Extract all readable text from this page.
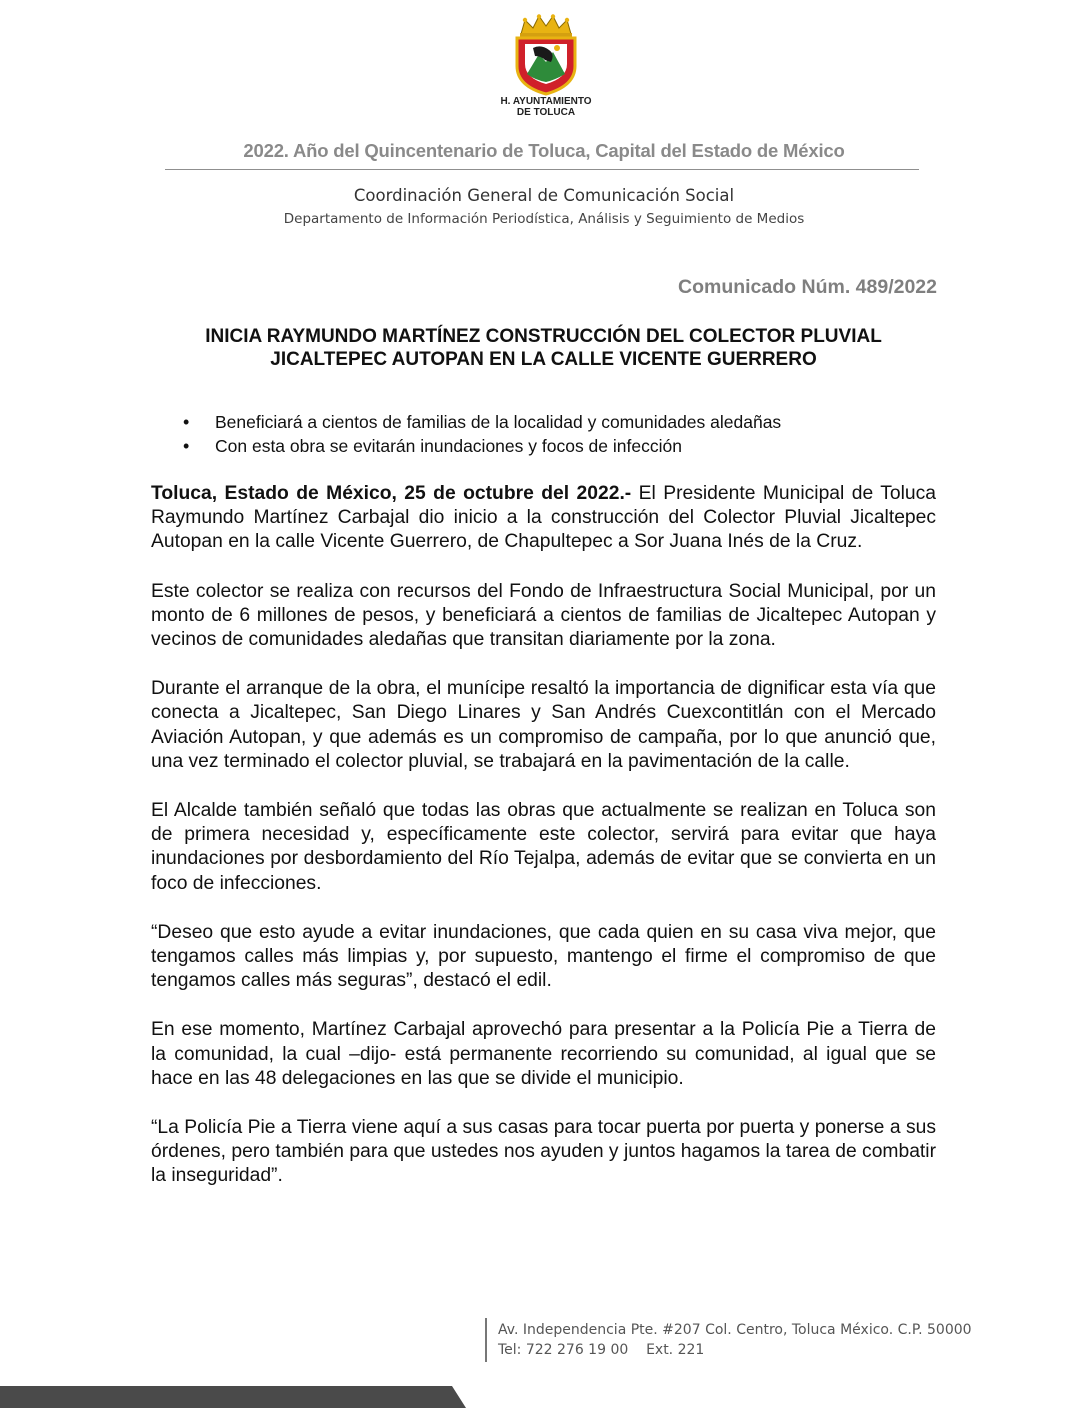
H. AYUNTAMIENTO
DE TOLUCA
2022. Año del Quincentenario de Toluca, Capital del Estado de México
Coordinación General de Comunicación Social
Departamento de Información Periodística, Análisis y Seguimiento de Medios
Comunicado Núm. 489/2022
INICIA RAYMUNDO MARTÍNEZ CONSTRUCCIÓN DEL COLECTOR PLUVIAL
JICALTEPEC AUTOPAN EN LA CALLE VICENTE GUERRERO
• Beneficiará a cientos de familias de la localidad y comunidades aledañas
• Con esta obra se evitarán inundaciones y focos de infección

Toluca, Estado de México, 25 de octubre del 2022.- El Presidente Municipal de Toluca Raymundo Martínez Carbajal dio inicio a la construcción del Colector Pluvial Jicaltepec Autopan en la calle Vicente Guerrero, de Chapultepec a Sor Juana Inés de la Cruz.

Este colector se realiza con recursos del Fondo de Infraestructura Social Municipal, por un monto de 6 millones de pesos, y beneficiará a cientos de familias de Jicaltepec Autopan y vecinos de comunidades aledañas que transitan diariamente por la zona.

Durante el arranque de la obra, el munícipe resaltó la importancia de dignificar esta vía que conecta a Jicaltepec, San Diego Linares y San Andrés Cuexcontitlán con el Mercado Aviación Autopan, y que además es un compromiso de campaña, por lo que anunció que, una vez terminado el colector pluvial, se trabajará en la pavimentación de la calle.

El Alcalde también señaló que todas las obras que actualmente se realizan en Toluca son de primera necesidad y, específicamente este colector, servirá para evitar que haya inundaciones por desbordamiento del Río Tejalpa, además de evitar que se convierta en un foco de infecciones.

“Deseo que esto ayude a evitar inundaciones, que cada quien en su casa viva mejor, que tengamos calles más limpias y, por supuesto, mantengo el firme el compromiso de que tengamos calles más seguras”, destacó el edil.

En ese momento, Martínez Carbajal aprovechó para presentar a la Policía Pie a Tierra de la comunidad, la cual –dijo- está permanente recorriendo su comunidad, al igual que se hace en las 48 delegaciones en las que se divide el municipio.

“La Policía Pie a Tierra viene aquí a sus casas para tocar puerta por puerta y ponerse a sus órdenes, pero también para que ustedes nos ayuden y juntos hagamos la tarea de combatir la inseguridad”.

Av. Independencia Pte. #207 Col. Centro, Toluca México. C.P. 50000
Tel: 722 276 19 00    Ext. 221
